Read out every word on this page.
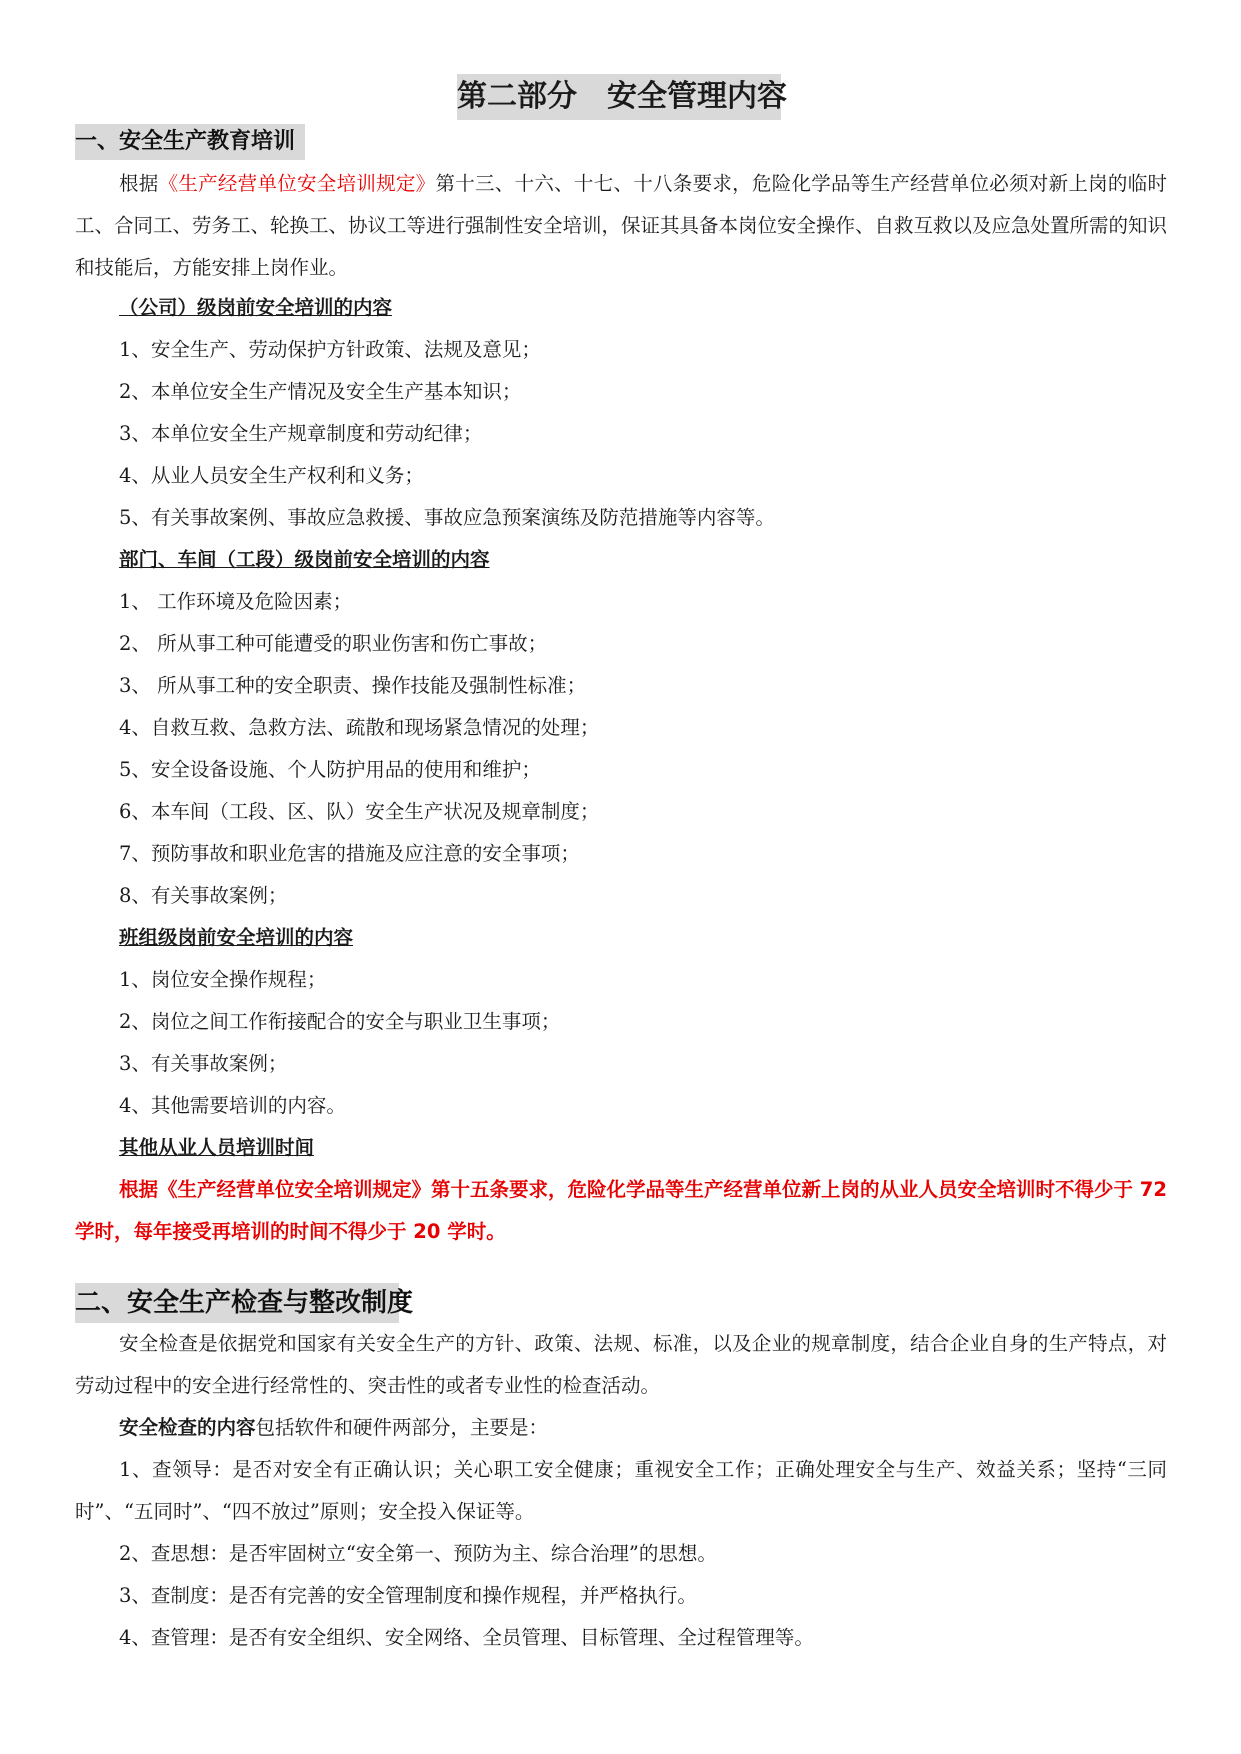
第二部分　安全管理内容
一、安全生产教育培训

根据《生产经营单位安全培训规定》第十三、十六、十七、十八条要求，危险化学品等生产经营单位必须对新上岗的临时工、合同工、劳务工、轮换工、协议工等进行强制性安全培训，保证其具备本岗位安全操作、自救互救以及应急处置所需的知识和技能后，方能安排上岗作业。

（公司）级岗前安全培训的内容
1、安全生产、劳动保护方针政策、法规及意见；
2、本单位安全生产情况及安全生产基本知识；
3、本单位安全生产规章制度和劳动纪律；
4、从业人员安全生产权利和义务；
5、有关事故案例、事故应急救援、事故应急预案演练及防范措施等内容等。
部门、车间（工段）级岗前安全培训的内容
1、 工作环境及危险因素；
2、 所从事工种可能遭受的职业伤害和伤亡事故；
3、 所从事工种的安全职责、操作技能及强制性标准；
4、自救互救、急救方法、疏散和现场紧急情况的处理；
5、安全设备设施、个人防护用品的使用和维护；
6、本车间（工段、区、队）安全生产状况及规章制度；
7、预防事故和职业危害的措施及应注意的安全事项；
8、有关事故案例；
班组级岗前安全培训的内容
1、岗位安全操作规程；
2、岗位之间工作衔接配合的安全与职业卫生事项；
3、有关事故案例；
4、其他需要培训的内容。
其他从业人员培训时间

根据《生产经营单位安全培训规定》第十五条要求，危险化学品等生产经营单位新上岗的从业人员安全培训时不得少于 72 学时，每年接受再培训的时间不得少于 20 学时。

二、安全生产检查与整改制度

安全检查是依据党和国家有关安全生产的方针、政策、法规、标准，以及企业的规章制度，结合企业自身的生产特点，对劳动过程中的安全进行经常性的、突击性的或者专业性的检查活动。

安全检查的内容包括软件和硬件两部分，主要是：

1、查领导：是否对安全有正确认识；关心职工安全健康；重视安全工作；正确处理安全与生产、效益关系；坚持“三同时”、“五同时”、“四不放过”原则；安全投入保证等。

2、查思想：是否牢固树立“安全第一、预防为主、综合治理”的思想。
3、查制度：是否有完善的安全管理制度和操作规程，并严格执行。
4、查管理：是否有安全组织、安全网络、全员管理、目标管理、全过程管理等。
